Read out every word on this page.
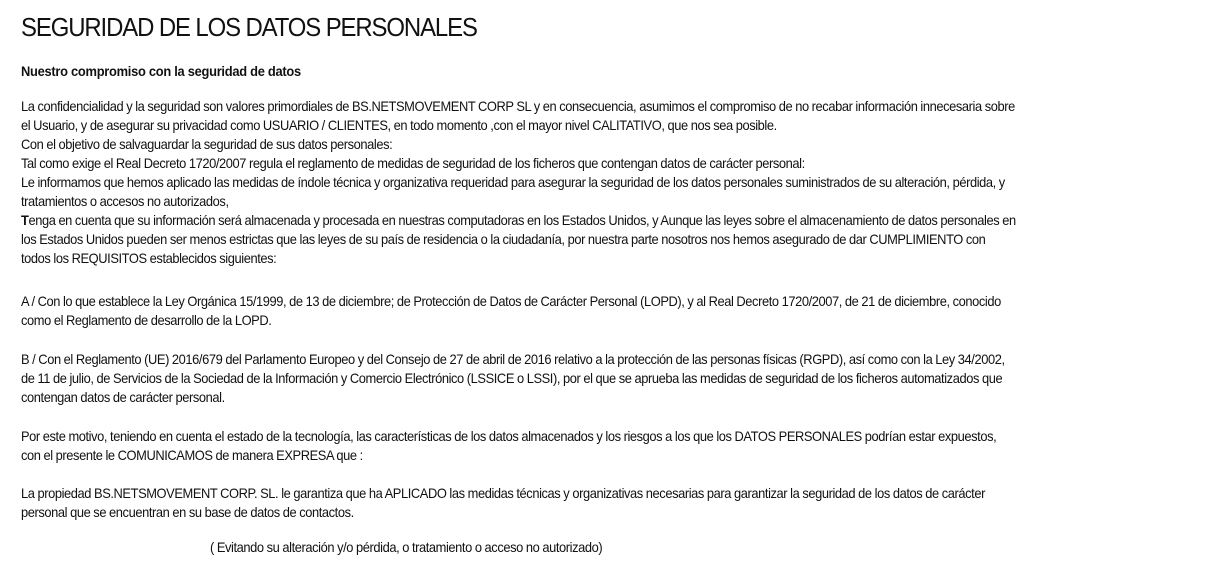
SEGURIDAD DE LOS DATOS PERSONALES
Nuestro compromiso con la seguridad de datos
La confidencialidad y la seguridad son valores primordiales de BS.NETSMOVEMENT CORP SL y en consecuencia, asumimos el compromiso de no recabar información innecesaria sobre
el Usuario, y de asegurar su privacidad como USUARIO / CLIENTES, en todo momento ,con el mayor nivel CALITATIVO, que nos sea posible.
Con el objetivo de salvaguardar la seguridad de sus datos personales:
Tal como exige el Real Decreto 1720/2007 regula el reglamento de medidas de seguridad de los ficheros que contengan datos de carácter personal:
Le informamos que hemos aplicado las medidas de índole técnica y organizativa requeridad para asegurar la seguridad de los datos personales suministrados de su alteración, pérdida, y
tratamientos o accesos no autorizados,
Tenga en cuenta que su información será almacenada y procesada en nuestras computadoras en los Estados Unidos, y Aunque las leyes sobre el almacenamiento de datos personales en
los Estados Unidos pueden ser menos estrictas que las leyes de su país de residencia o la ciudadanía, por nuestra parte nosotros nos hemos asegurado de dar CUMPLIMIENTO con
todos los REQUISITOS establecidos siguientes:
A / Con lo que establece la Ley Orgánica 15/1999, de 13 de diciembre; de Protección de Datos de Carácter Personal (LOPD), y al Real Decreto 1720/2007, de 21 de diciembre, conocido
como el Reglamento de desarrollo de la LOPD.
B / Con el Reglamento (UE) 2016/679 del Parlamento Europeo y del Consejo de 27 de abril de 2016 relativo a la protección de las personas físicas (RGPD), así como con la Ley 34/2002,
de 11 de julio, de Servicios de la Sociedad de la Información y Comercio Electrónico (LSSICE o LSSI), por el que se aprueba las medidas de seguridad de los ficheros automatizados que
contengan datos de carácter personal.
Por este motivo, teniendo en cuenta el estado de la tecnología, las características de los datos almacenados y los riesgos a los que los DATOS PERSONALES podrían estar expuestos,
con el presente le COMUNICAMOS de manera EXPRESA que :
La propiedad BS.NETSMOVEMENT CORP. SL. le garantiza que ha APLICADO las medidas técnicas y organizativas necesarias para garantizar la seguridad de los datos de carácter
personal que se encuentran en su base de datos de contactos.
( Evitando su alteración y/o pérdida, o tratamiento o acceso no autorizado)
